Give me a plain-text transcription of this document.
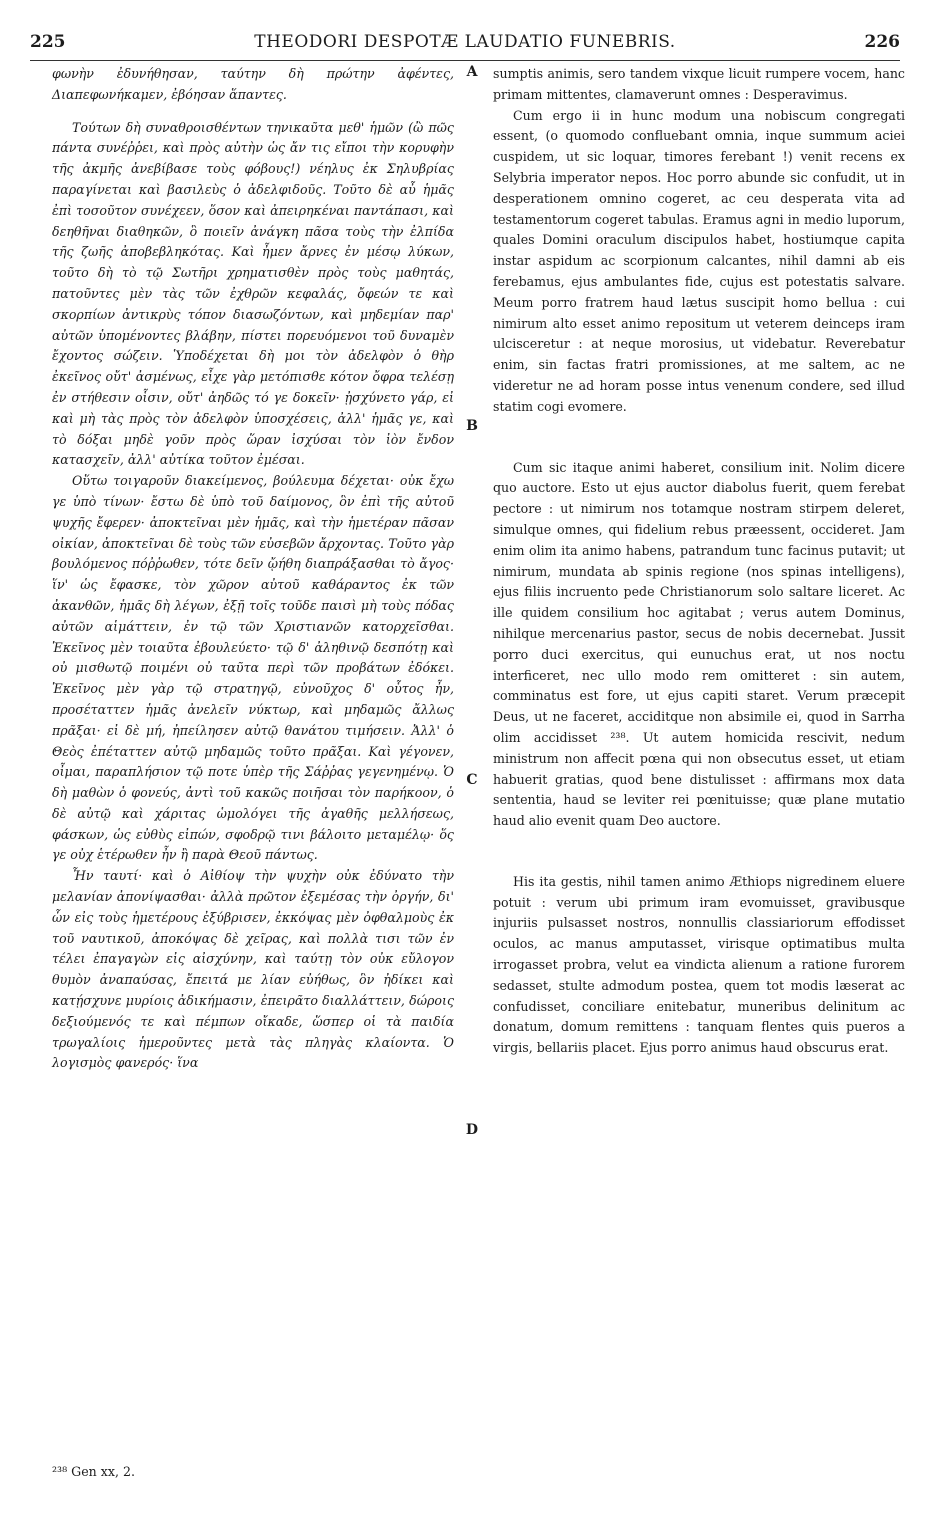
225	THEODORI DESPOTÆ LAUDATIO FUNEBRIS.	226

φωνὴν ἐδυνήθησαν, ταύτην δὴ πρώτην ἀφέντες, Διαπεφωνήκαμεν, ἐβόησαν ἅπαντες.

Τούτων δὴ συναθροισθέντων τηνικαῦτα μεθ' ἡμῶν (ὢ πῶς πάντα συνέῤῥει, καὶ πρὸς αὐτὴν ὡς ἄν τις εἴποι τὴν κορυφὴν τῆς ἀκμῆς ἀνεβίβασε τοὺς φόβους!) νέηλυς ἐκ Σηλυβρίας παραγίνεται καὶ βασιλεὺς ὁ ἀδελφιδοῦς. Τοῦτο δὲ αὖ ἡμᾶς ἐπὶ τοσοῦτον συνέχεεν, ὅσον καὶ ἀπειρηκέναι παντάπασι, καὶ δεηθῆναι διαθηκῶν, ὃ ποιεῖν ἀνάγκη πᾶσα τοὺς τὴν ἐλπίδα τῆς ζωῆς ἀποβεβληκότας. Καὶ ἦμεν ἄρνες ἐν μέσῳ λύκων, τοῦτο δὴ τὸ τῷ Σωτῆρι χρηματισθὲν πρὸς τοὺς μαθητάς, πατοῦντες μὲν τὰς τῶν ἐχθρῶν κεφαλάς, ὄφεών τε καὶ σκορπίων ἀντικρὺς τόπον διασωζόντων, καὶ μηδεμίαν παρ' αὐτῶν ὑπομένοντες βλάβην, πίστει πορευόμενοι τοῦ δυναμὲν ἔχοντος σώζειν. Ὑποδέχεται δὴ μοι τὸν ἀδελφὸν ὁ θὴρ ἐκεῖνος οὔτ' ἀσμένως, εἶχε γὰρ μετόπισθε κότον ὄφρα τελέσῃ ἐν στήθεσιν οἷσιν, οὔτ' ἀηδῶς τό γε δοκεῖν· ᾐσχύνετο γάρ, εἰ καὶ μὴ τὰς πρὸς τὸν ἀδελφὸν ὑποσχέσεις, ἀλλ' ἡμᾶς γε, καὶ τὸ δόξαι μηδὲ γοῦν πρὸς ὥραν ἰσχύσαι τὸν ἰὸν ἔνδον κατασχεῖν, ἀλλ' αὐτίκα τοῦτον ἐμέσαι.

Οὕτω τοιγαροῦν διακείμενος, βούλευμα δέχεται· οὐκ ἔχω γε ὑπὸ τίνων· ἔστω δὲ ὑπὸ τοῦ δαίμονος, ὃν ἐπὶ τῆς αὐτοῦ ψυχῆς ἔφερεν· ἀποκτεῖναι μὲν ἡμᾶς, καὶ τὴν ἡμετέραν πᾶσαν οἰκίαν, ἀποκτεῖναι δὲ τοὺς τῶν εὐσεβῶν ἄρχοντας. Τοῦτο γὰρ βουλόμενος πόῤῥωθεν, τότε δεῖν ᾤήθη διαπράξασθαι τὸ ἄγος· ἵν' ὡς ἔφασκε, τὸν χῶρον αὐτοῦ καθάραντος ἐκ τῶν ἀκανθῶν, ἡμᾶς δὴ λέγων, ἐξῇ τοῖς τοῦδε παισὶ μὴ τοὺς πόδας αὐτῶν αἱμάττειν, ἐν τῷ τῶν Χριστιανῶν κατορχεῖσθαι. Ἐκεῖνος μὲν τοιαῦτα ἐβουλεύετο· τῷ δ' ἀληθινῷ δεσπότῃ καὶ οὐ μισθωτῷ ποιμένι οὐ ταῦτα περὶ τῶν προβάτων ἐδόκει. Ἐκεῖνος μὲν γὰρ τῷ στρατηγῷ, εὐνοῦχος δ' οὗτος ἦν, προσέταττεν ἡμᾶς ἀνελεῖν νύκτωρ, καὶ μηδαμῶς ἄλλως πρᾶξαι· εἰ δὲ μή, ἠπείλησεν αὐτῷ θανάτου τιμήσειν. Ἀλλ' ὁ Θεὸς ἐπέταττεν αὐτῷ μηδαμῶς τοῦτο πρᾶξαι. Καὶ γέγονεν, οἶμαι, παραπλήσιον τῷ ποτε ὑπὲρ τῆς Σάῤῥας γεγενημένῳ. Ὁ δὴ μαθὼν ὁ φονεύς, ἀντὶ τοῦ κακῶς ποιῆσαι τὸν παρήκοον, ὁ δὲ αὐτῷ καὶ χάριτας ὡμολόγει τῆς ἀγαθῆς μελλήσεως, φάσκων, ὡς εὐθὺς εἰπών, σφοδρῷ τινι βάλοιτο μεταμέλῳ· ὅς γε οὐχ ἑτέρωθεν ἦν ἢ παρὰ Θεοῦ πάντως.

Ἦν ταυτί· καὶ ὁ Αἰθίοψ τὴν ψυχὴν οὐκ ἐδύνατο τὴν μελανίαν ἀπονίψασθαι· ἀλλὰ πρῶτον ἐξεμέσας τὴν ὀργήν, δι' ὧν εἰς τοὺς ἡμετέρους ἐξύβρισεν, ἐκκόψας μὲν ὀφθαλμοὺς ἐκ τοῦ ναυτικοῦ, ἀποκόψας δὲ χεῖρας, καὶ πολλὰ τισι τῶν ἐν τέλει ἐπαγαγὼν εἰς αἰσχύνην, καὶ ταύτῃ τὸν οὐκ εὔλογον θυμὸν ἀναπαύσας, ἔπειτά με λίαν εὐήθως, ὃν ἠδίκει καὶ κατῄσχυνε μυρίοις ἀδικήμασιν, ἐπειρᾶτο διαλλάττειν, δώροις δεξιούμενός τε καὶ πέμπων οἴκαδε, ὥσπερ οἱ τὰ παιδία τρωγαλίοις ἡμεροῦντες μετὰ τὰς πληγὰς κλαίοντα. Ὁ λογισμὸς φανερός· ἵνα

A
B
C
D

sumptis animis, sero tandem vixque licuit rumpere vocem, hanc primam mittentes, clamaverunt omnes : Desperavimus.

Cum ergo ii in hunc modum una nobiscum congregati essent, (o quomodo confluebant omnia, inque summum aciei cuspidem, ut sic loquar, timores ferebant !) venit recens ex Selybria imperator nepos. Hoc porro abunde sic confudit, ut in desperationem omnino cogeret, ac ceu desperata vita ad testamentorum cogeret tabulas. Eramus agni in medio luporum, quales Domini oraculum discipulos habet, hostiumque capita instar aspidum ac scorpionum calcantes, nihil damni ab eis ferebamus, ejus ambulantes fide, cujus est potestatis salvare. Meum porro fratrem haud lætus suscipit homo bellua : cui nimirum alto esset animo repositum ut veterem deinceps iram ulcisceretur : at neque morosius, ut videbatur. Reverebatur enim, sin factas fratri promissiones, at me saltem, ac ne videretur ne ad horam posse intus venenum condere, sed illud statim cogi evomere.

Cum sic itaque animi haberet, consilium init. Nolim dicere quo auctore. Esto ut ejus auctor diabolus fuerit, quem ferebat pectore : ut nimirum nos totamque nostram stirpem deleret, simulque omnes, qui fidelium rebus præessent, occideret. Jam enim olim ita animo habens, patrandum tunc facinus putavit; ut nimirum, mundata ab spinis regione (nos spinas intelligens), ejus filiis incruento pede Christianorum solo saltare liceret. Ac ille quidem consilium hoc agitabat ; verus autem Dominus, nihilque mercenarius pastor, secus de nobis decernebat. Jussit porro duci exercitus, qui eunuchus erat, ut nos noctu interficeret, nec ullo modo rem omitteret : sin autem, comminatus est fore, ut ejus capiti staret. Verum præcepit Deus, ut ne faceret, acciditque non absimile ei, quod in Sarrha olim accidisset ²³⁸. Ut autem homicida rescivit, nedum ministrum non affecit pœna qui non obsecutus esset, ut etiam habuerit gratias, quod bene distulisset : affirmans mox data sententia, haud se leviter rei pœnituisse; quæ plane mutatio haud alio evenit quam Deo auctore.

His ita gestis, nihil tamen animo Æthiops nigredinem eluere potuit : verum ubi primum iram evomuisset, gravibusque injuriis pulsasset nostros, nonnullis classiariorum effodisset oculos, ac manus amputasset, virisque optimatibus multa irrogasset probra, velut ea vindicta alienum a ratione furorem sedasset, stulte admodum postea, quem tot modis læserat ac confudisset, conciliare enitebatur, muneribus delinitum ac donatum, domum remittens : tanquam flentes quis pueros a virgis, bellariis placet. Ejus porro animus haud obscurus erat.

²³⁸ Gen xx, 2.
